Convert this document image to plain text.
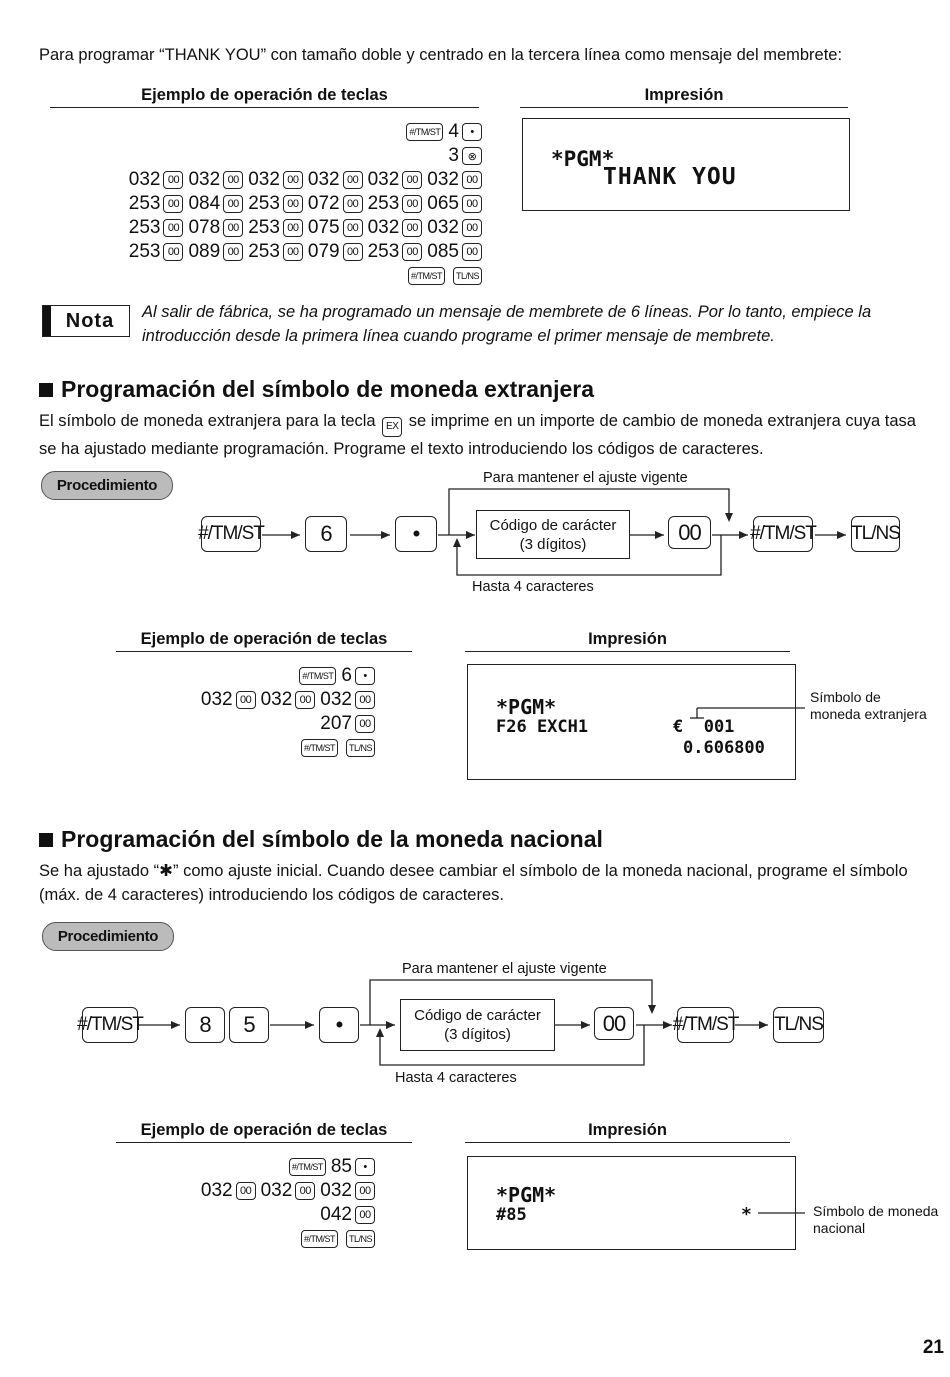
Para programar “THANK YOU” con tamaño doble y centrado en la tercera línea como mensaje del membrete:
Ejemplo de operación de teclas	Impresión
#/TM/ST 4	•
3 ⊗
032 00 032 00 032 00 032 00 032 00 032 00
253 00 084 00 253 00 072 00 253 00 065 00
253 00 078 00 253 00 075 00 032 00 032 00
253 00 089 00 253 00 079 00 253 00 085 00
#/TM/ST	TL/NS
*PGM*
THANK YOU
Nota Al salir de fábrica, se ha programado un mensaje de membrete de 6 líneas. Por lo tanto, empiece la introducción desde la primera línea cuando programe el primer mensaje de membrete.
Programación del símbolo de moneda extranjera
El símbolo de moneda extranjera para la tecla EX se imprime en un importe de cambio de moneda extranjera cuya tasa se ha ajustado mediante programación. Programe el texto introduciendo los códigos de caracteres.
Procedimiento
#/TM/ST	6	•	Código de carácter
(3 dígitos)	00	#/TM/ST TL/NS
Para mantener el ajuste vigente
Hasta 4 caracteres
Ejemplo de operación de teclas	Impresión
#/TM/ST 6	•
032 00 032 00 032 00
207 00
#/TM/ST	TL/NS
*PGM*
F26 EXCH1	€  001
0.606800
Símbolo de
moneda extranjera
Programación del símbolo de la moneda nacional
Se ha ajustado “✱” como ajuste inicial. Cuando desee cambiar el símbolo de la moneda nacional, programe el símbolo (máx. de 4 caracteres) introduciendo los códigos de caracteres.
Procedimiento
#/TM/ST	8	5	•	Código de carácter
(3 dígitos)	00	#/TM/ST TL/NS
Para mantener el ajuste vigente
Hasta 4 caracteres
Ejemplo de operación de teclas	Impresión
#/TM/ST 85	•
032 00 032 00 032 00
042 00
#/TM/ST	TL/NS
*PGM*
#85	*	Símbolo de moneda
nacional
21
